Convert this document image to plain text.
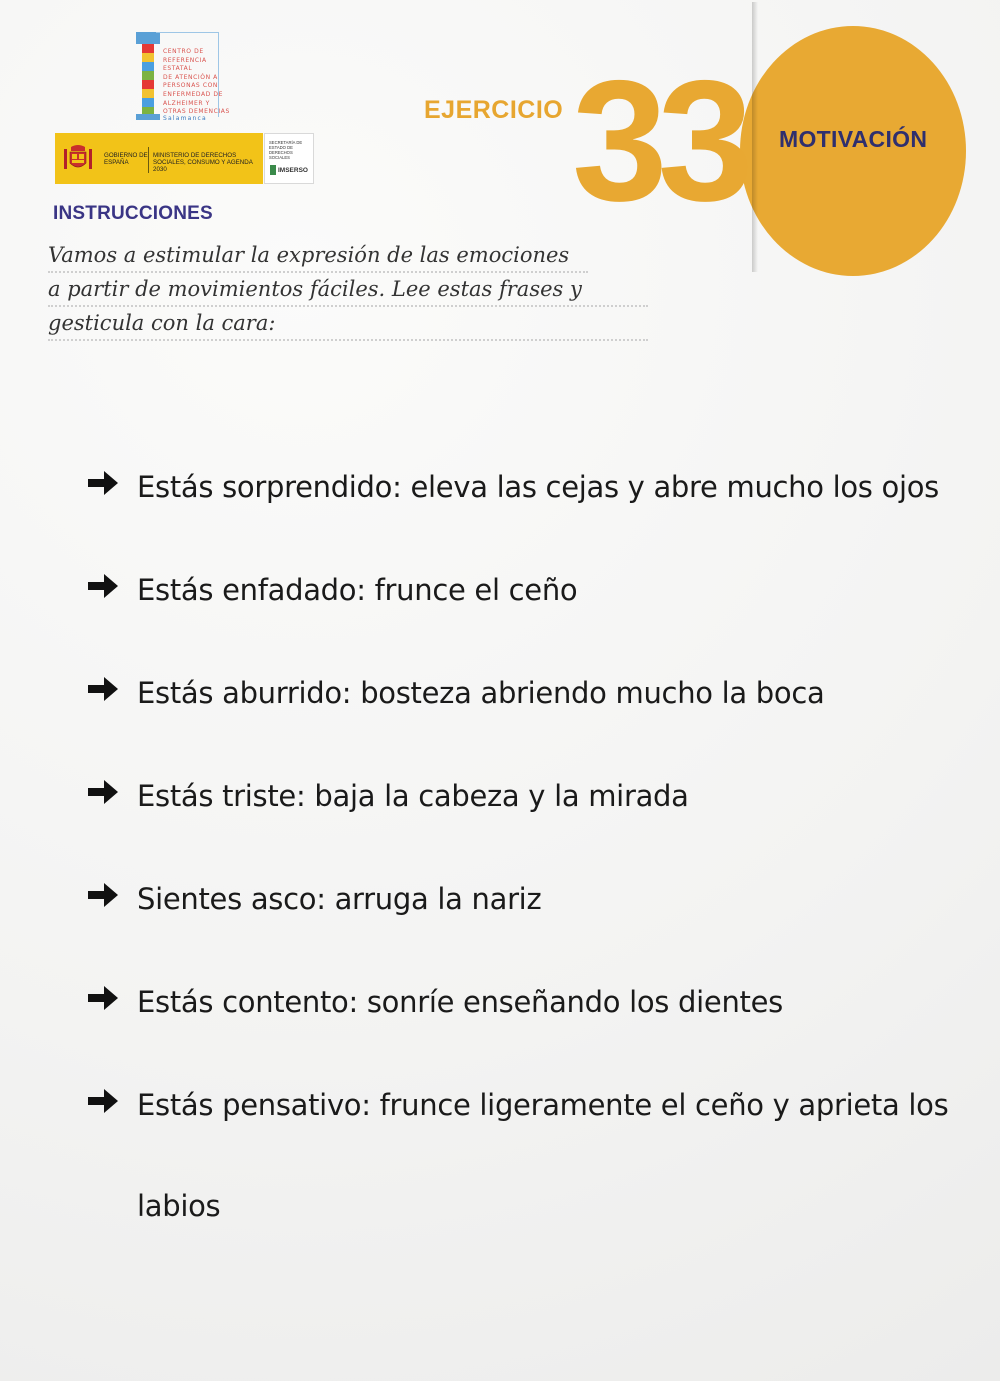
CENTRO DE
REFERENCIA ESTATAL
DE ATENCIÓN A
PERSONAS CON
ENFERMEDAD DE
ALZHEIMER Y
OTRAS DEMENCIAS
Salamanca
GOBIERNO DE ESPAÑA
MINISTERIO DE DERECHOS SOCIALES, CONSUMO Y AGENDA 2030
SECRETARÍA DE ESTADO DE DERECHOS SOCIALES
IMSERSO
EJERCICIO 33 MOTIVACIÓN
INSTRUCCIONES
Vamos a estimular la expresión de las emociones
a partir de movimientos fáciles. Lee estas frases y
gesticula con la cara:
Estás sorprendido: eleva las cejas y abre mucho los ojos
Estás enfadado: frunce el ceño
Estás aburrido: bosteza abriendo mucho la boca
Estás triste: baja la cabeza y la mirada
Sientes asco: arruga la nariz
Estás contento: sonríe enseñando los dientes
Estás pensativo: frunce ligeramente el ceño y aprieta los
labios
